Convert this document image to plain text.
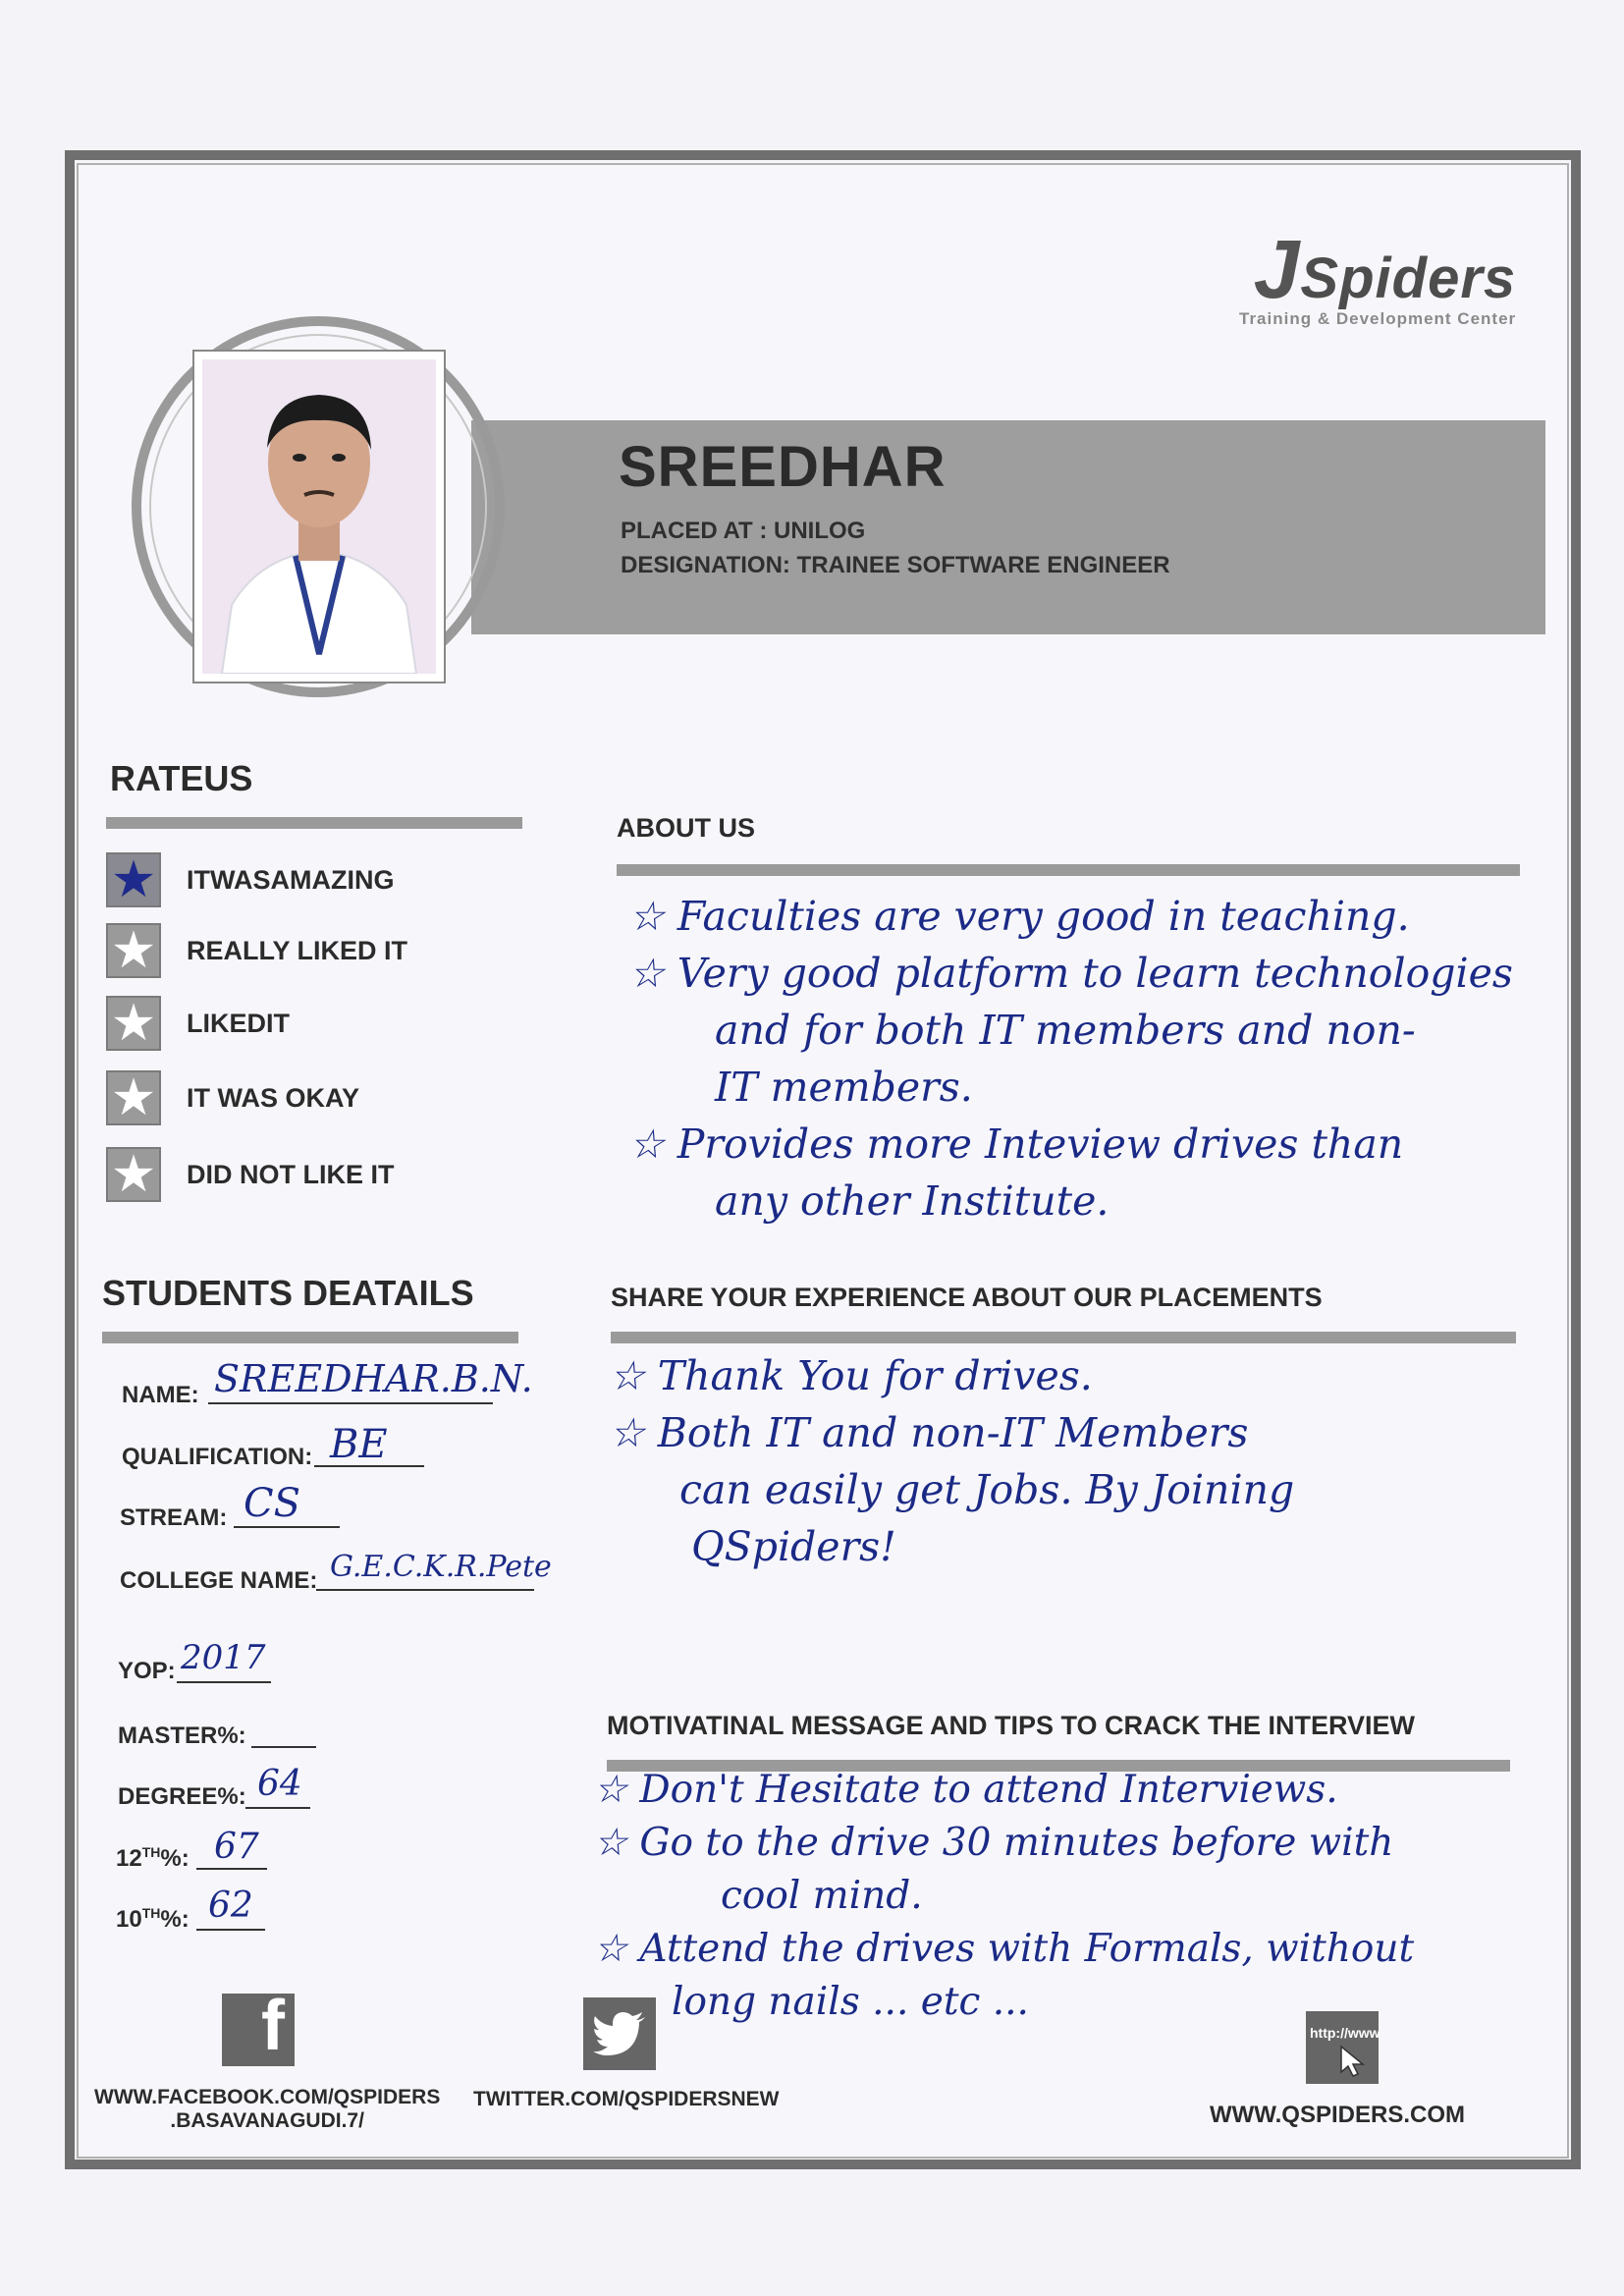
JSpiders
Training & Development Center
SREEDHAR
PLACED AT : UNILOG
DESIGNATION: TRAINEE SOFTWARE ENGINEER
RATEUS
★ ITWASAMAZING
★ REALLY LIKED IT
★ LIKEDIT
★ IT WAS OKAY
★ DID NOT LIKE IT
STUDENTS DEATAILS
NAME: SREEDHAR.B.N.
QUALIFICATION: BE
STREAM: CS
COLLEGE NAME: G.E.C.K.R.Pete
YOP: 2017
MASTER%:
DEGREE%: 64
12TH%: 67
10TH%: 62
ABOUT US
☆ Faculties are very good in teaching.
☆ Very good platform to learn technologies
and for both IT members and non-
IT members.
☆ Provides more Inteview drives than
any other Institute.
SHARE YOUR EXPERIENCE ABOUT OUR PLACEMENTS
☆ Thank You for drives.
☆ Both IT and non-IT Members
can easily get Jobs. By Joining
QSpiders!
MOTIVATINAL MESSAGE AND TIPS TO CRACK THE INTERVIEW
☆ Don't Hesitate to attend Interviews.
☆ Go to the drive 30 minutes before with
cool mind.
☆ Attend the drives with Formals, without
long nails ... etc ...
f
WWW.FACEBOOK.COM/QSPIDERS
.BASAVANAGUDI.7/
TWITTER.COM/QSPIDERSNEW
http://www
WWW.QSPIDERS.COM
